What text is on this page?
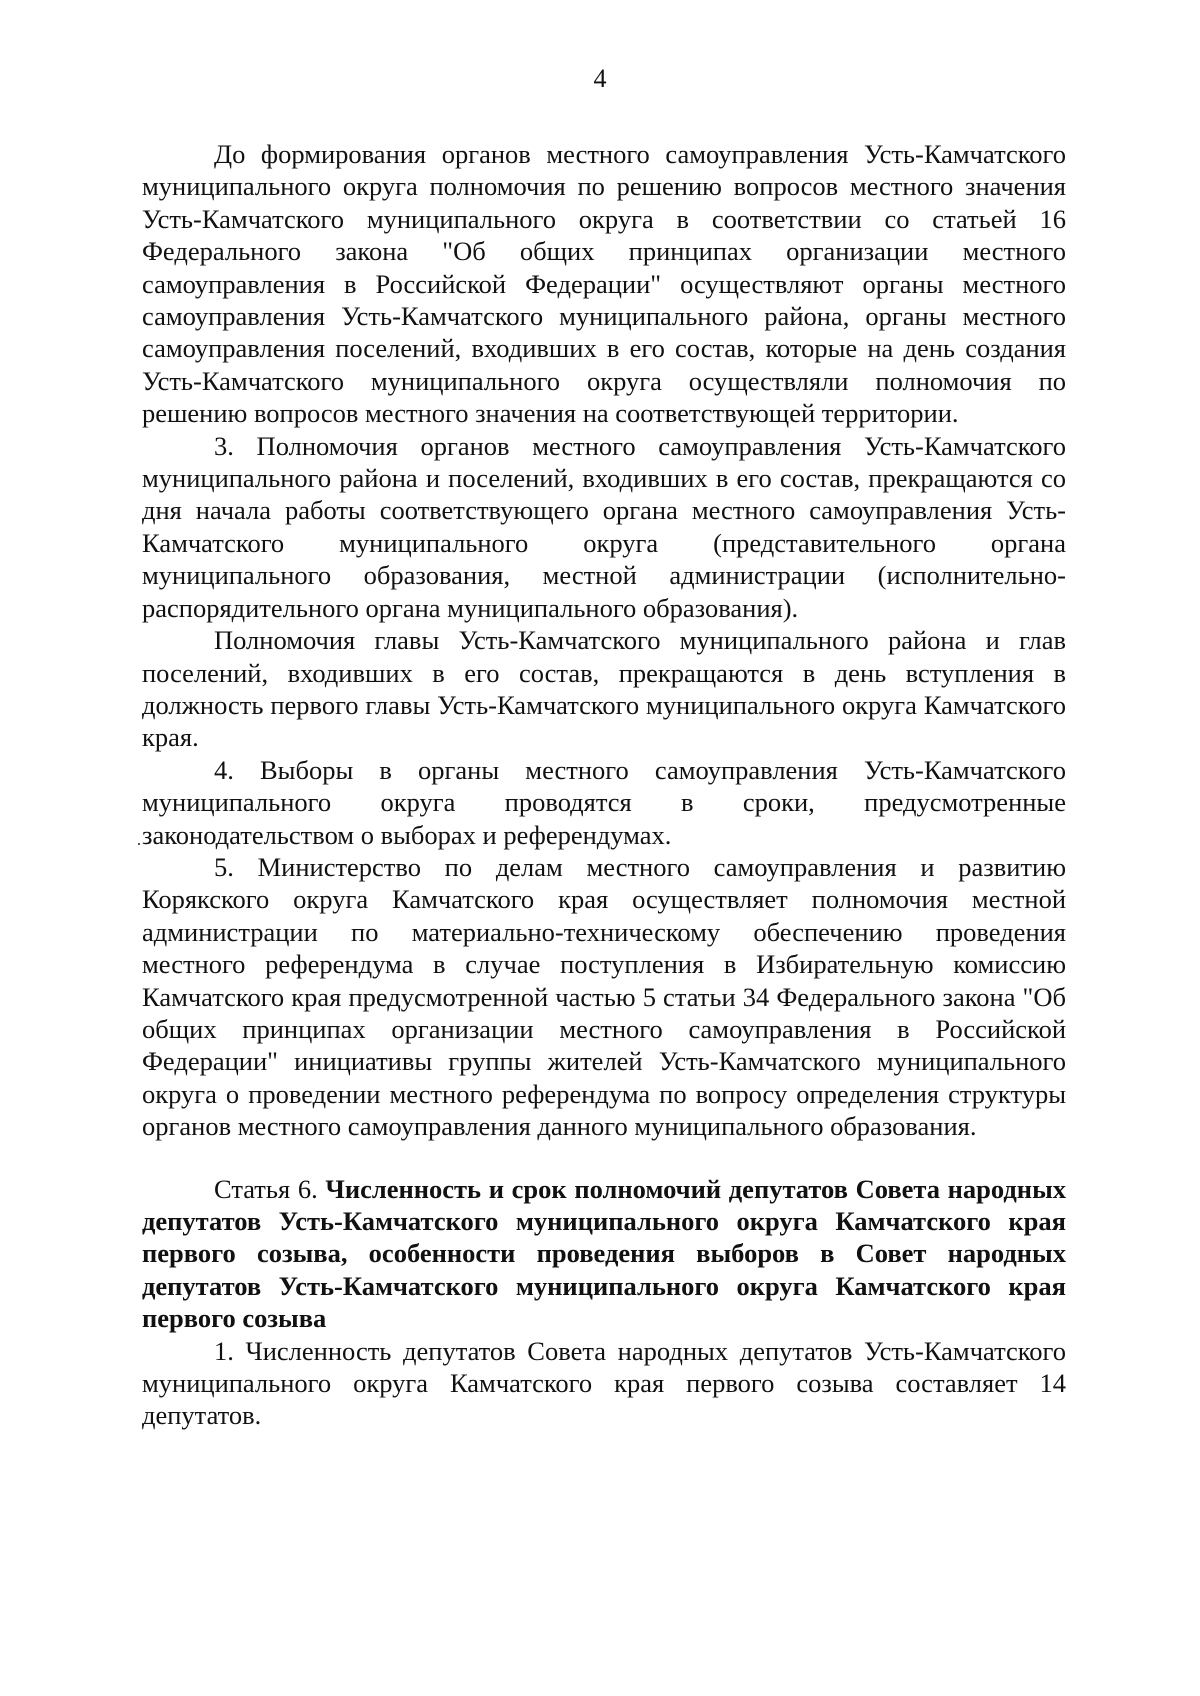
4

До формирования органов местного самоуправления Усть-Камчатского муниципального округа полномочия по решению вопросов местного значения Усть-Камчатского муниципального округа в соответствии со статьей 16 Федерального закона "Об общих принципах организации местного самоуправления в Российской Федерации" осуществляют органы местного самоуправления Усть-Камчатского муниципального района, органы местного самоуправления поселений, входивших в его состав, которые на день создания Усть-Камчатского муниципального округа осуществляли полномочия по решению вопросов местного значения на соответствующей территории.

3. Полномочия органов местного самоуправления Усть-Камчатского муниципального района и поселений, входивших в его состав, прекращаются со дня начала работы соответствующего органа местного самоуправления Усть-Камчатского муниципального округа (представительного органа муниципального образования, местной администрации (исполнительно-распорядительного органа муниципального образования).

Полномочия главы Усть-Камчатского муниципального района и глав поселений, входивших в его состав, прекращаются в день вступления в должность первого главы Усть-Камчатского муниципального округа Камчатского края.

4. Выборы в органы местного самоуправления Усть-Камчатского муниципального округа проводятся в сроки, предусмотренные законодательством о выборах и референдумах.

5. Министерство по делам местного самоуправления и развитию Корякского округа Камчатского края осуществляет полномочия местной администрации по материально-техническому обеспечению проведения местного референдума в случае поступления в Избирательную комиссию Камчатского края предусмотренной частью 5 статьи 34 Федерального закона "Об общих принципах организации местного самоуправления в Российской Федерации" инициативы группы жителей Усть-Камчатского муниципального округа о проведении местного референдума по вопросу определения структуры органов местного самоуправления данного муниципального образования.

Статья 6. Численность и срок полномочий депутатов Совета народных депутатов Усть-Камчатского муниципального округа Камчатского края первого созыва, особенности проведения выборов в Совет народных депутатов Усть-Камчатского муниципального округа Камчатского края первого созыва

1. Численность депутатов Совета народных депутатов Усть-Камчатского муниципального округа Камчатского края первого созыва составляет 14 депутатов.
